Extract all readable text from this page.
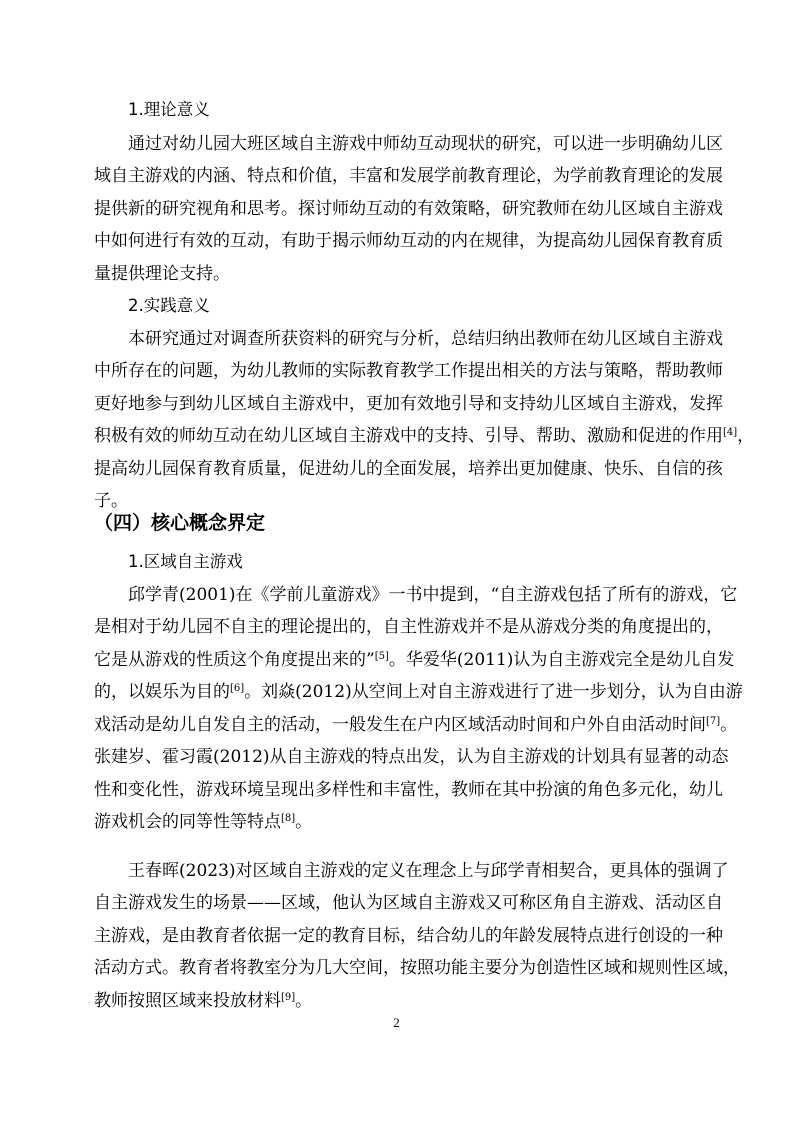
1.理论意义
通过对幼儿园大班区域自主游戏中师幼互动现状的研究，可以进一步明确幼儿区
域自主游戏的内涵、特点和价值，丰富和发展学前教育理论，为学前教育理论的发展
提供新的研究视角和思考。探讨师幼互动的有效策略，研究教师在幼儿区域自主游戏
中如何进行有效的互动，有助于揭示师幼互动的内在规律，为提高幼儿园保育教育质
量提供理论支持。
2.实践意义
本研究通过对调查所获资料的研究与分析，总结归纳出教师在幼儿区域自主游戏
中所存在的问题，为幼儿教师的实际教育教学工作提出相关的方法与策略，帮助教师
更好地参与到幼儿区域自主游戏中，更加有效地引导和支持幼儿区域自主游戏，发挥
积极有效的师幼互动在幼儿区域自主游戏中的支持、引导、帮助、激励和促进的作用[4]，
提高幼儿园保育教育质量，促进幼儿的全面发展，培养出更加健康、快乐、自信的孩
子。
（四）核心概念界定
1.区域自主游戏
邱学青(2001)在《学前儿童游戏》一书中提到，“自主游戏包括了所有的游戏，它
是相对于幼儿园不自主的理论提出的，自主性游戏并不是从游戏分类的角度提出的，
它是从游戏的性质这个角度提出来的”[5]。华爱华(2011)认为自主游戏完全是幼儿自发
的，以娱乐为目的[6]。刘焱(2012)从空间上对自主游戏进行了进一步划分，认为自由游
戏活动是幼儿自发自主的活动，一般发生在户内区域活动时间和户外自由活动时间[7]。
张建岁、霍习霞(2012)从自主游戏的特点出发，认为自主游戏的计划具有显著的动态
性和变化性，游戏环境呈现出多样性和丰富性，教师在其中扮演的角色多元化，幼儿
游戏机会的同等性等特点[8]。
王春晖(2023)对区域自主游戏的定义在理念上与邱学青相契合，更具体的强调了
自主游戏发生的场景——区域，他认为区域自主游戏又可称区角自主游戏、活动区自
主游戏，是由教育者依据一定的教育目标，结合幼儿的年龄发展特点进行创设的一种
活动方式。教育者将教室分为几大空间，按照功能主要分为创造性区域和规则性区域，
教师按照区域来投放材料[9]。
2
